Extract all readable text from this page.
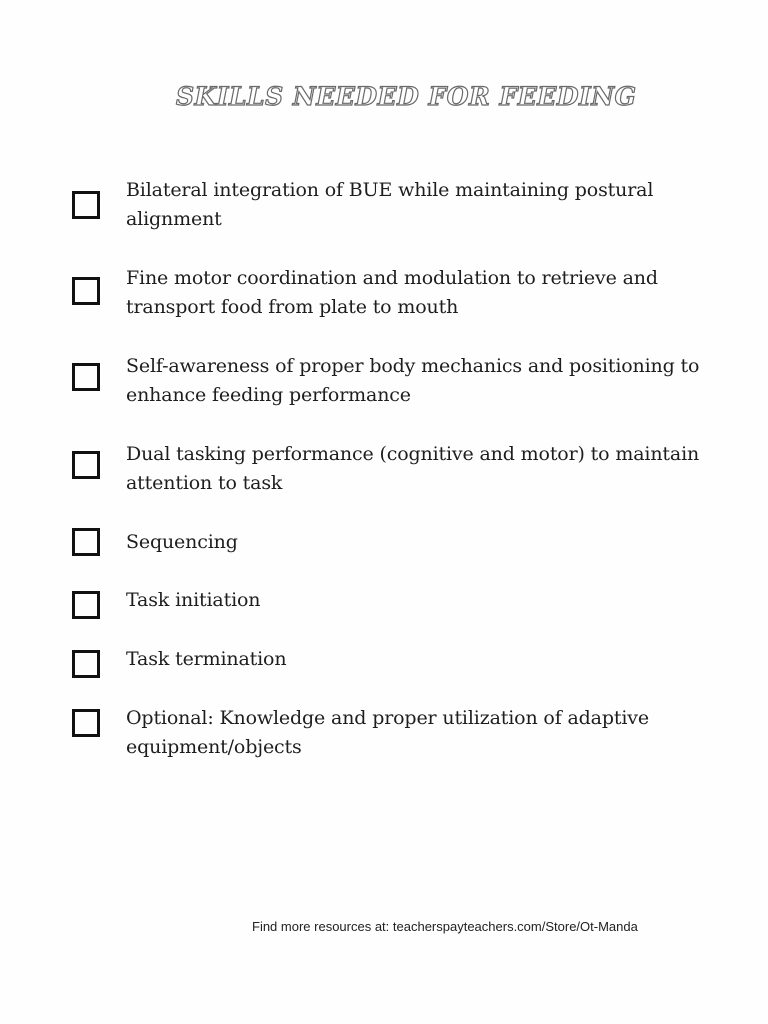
SKILLS NEEDED FOR FEEDING
Bilateral integration of BUE while maintaining postural alignment
Fine motor coordination and modulation to retrieve and transport food from plate to mouth
Self-awareness of proper body mechanics and positioning to enhance feeding performance
Dual tasking performance (cognitive and motor) to maintain attention to task
Sequencing
Task initiation
Task termination
Optional: Knowledge and proper utilization of adaptive equipment/objects
Find more resources at: teacherspayteachers.com/Store/Ot-Manda
